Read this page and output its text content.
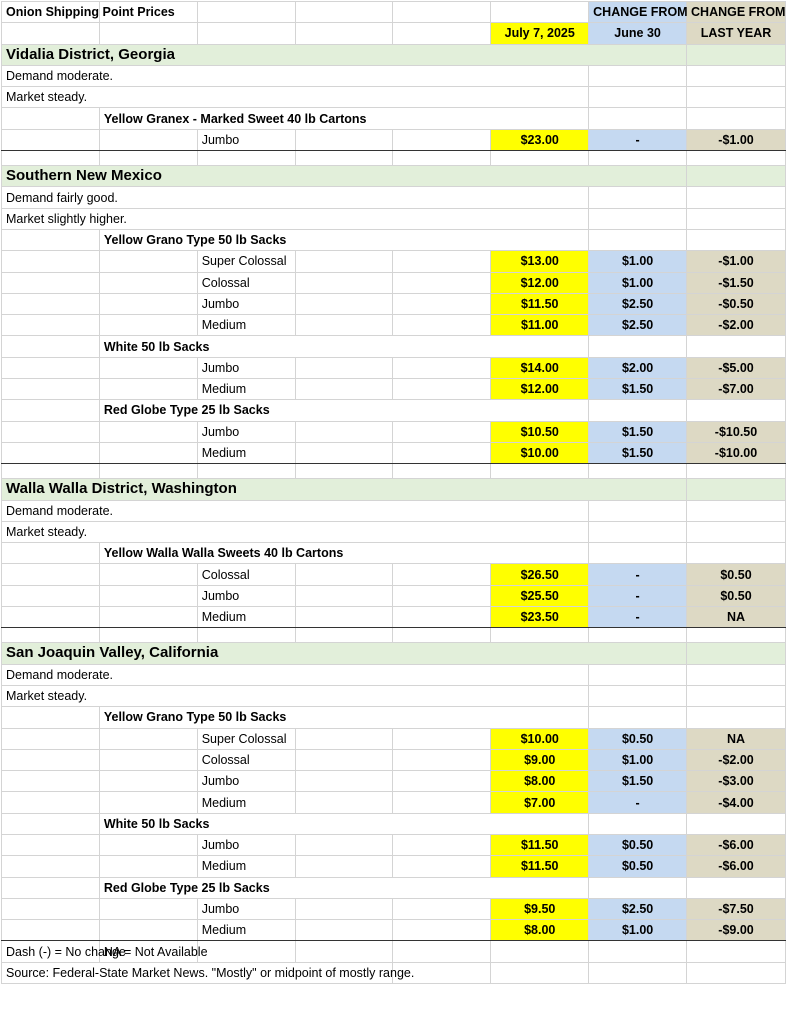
Onion Shipping Point Prices						CHANGE FROM	CHANGE FROM
					July 7, 2025	June 30	LAST YEAR
Vidalia District, Georgia							
Demand moderate.							
Market steady.							
	Yellow Granex - Marked Sweet 40 lb Cartons						
		Jumbo			$23.00	-	-$1.00

Southern New Mexico							
Demand fairly good.							
Market slightly higher.							
	Yellow Grano Type 50 lb Sacks						
		Super Colossal			$13.00	$1.00	-$1.00
		Colossal			$12.00	$1.00	-$1.50
		Jumbo			$11.50	$2.50	-$0.50
		Medium			$11.00	$2.50	-$2.00
	White 50 lb Sacks						
		Jumbo			$14.00	$2.00	-$5.00
		Medium			$12.00	$1.50	-$7.00
	Red Globe Type 25 lb Sacks						
		Jumbo			$10.50	$1.50	-$10.50
		Medium			$10.00	$1.50	-$10.00

Walla Walla District, Washington							
Demand moderate.							
Market steady.							
	Yellow Walla Walla Sweets 40 lb Cartons						
		Colossal			$26.50	-	$0.50
		Jumbo			$25.50	-	$0.50
		Medium			$23.50	-	NA

San Joaquin Valley, California							
Demand moderate.							
Market steady.							
	Yellow Grano Type 50 lb Sacks						
		Super Colossal			$10.00	$0.50	NA
		Colossal			$9.00	$1.00	-$2.00
		Jumbo			$8.00	$1.50	-$3.00
		Medium			$7.00	-	-$4.00
	White 50 lb Sacks						
		Jumbo			$11.50	$0.50	-$6.00
		Medium			$11.50	$0.50	-$6.00
	Red Globe Type 25 lb Sacks						
		Jumbo			$9.50	$2.50	-$7.50
		Medium			$8.00	$1.00	-$9.00
Dash (-) = No change	NA = Not Available						
Source: Federal-State Market News. "Mostly" or midpoint of mostly range.							
